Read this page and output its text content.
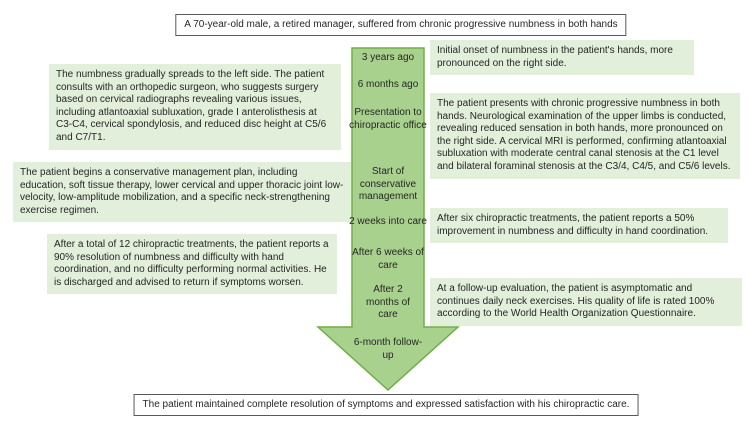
A 70-year-old male, a retired manager, suffered from chronic progressive numbness in both hands
3 years ago
6 months ago
Presentation to chiropractic office
Start of conservative management
2 weeks into care
After 6 weeks of care
After 2 months of care
6-month follow-up
The numbness gradually spreads to the left side. The patient consults with an orthopedic surgeon, who suggests surgery based on cervical radiographs revealing various issues, including atlantoaxial subluxation, grade I anterolisthesis at C3-C4, cervical spondylosis, and reduced disc height at C5/6 and C7/T1.
The patient begins a conservative management plan, including education, soft tissue therapy, lower cervical and upper thoracic joint low-velocity, low-amplitude mobilization, and a specific neck-strengthening exercise regimen.
After a total of 12 chiropractic treatments, the patient reports a 90% resolution of numbness and difficulty with hand coordination, and no difficulty performing normal activities. He is discharged and advised to return if symptoms worsen.
Initial onset of numbness in the patient's hands, more pronounced on the right side.
The patient presents with chronic progressive numbness in both hands. Neurological examination of the upper limbs is conducted, revealing reduced sensation in both hands, more pronounced on the right side. A cervical MRI is performed, confirming atlantoaxial subluxation with moderate central canal stenosis at the C1 level and bilateral foraminal stenosis at the C3/4, C4/5, and C5/6 levels.
After six chiropractic treatments, the patient reports a 50% improvement in numbness and difficulty in hand coordination.
At a follow-up evaluation, the patient is asymptomatic and continues daily neck exercises. His quality of life is rated 100% according to the World Health Organization Questionnaire.
The patient maintained complete resolution of symptoms and expressed satisfaction with his chiropractic care.
